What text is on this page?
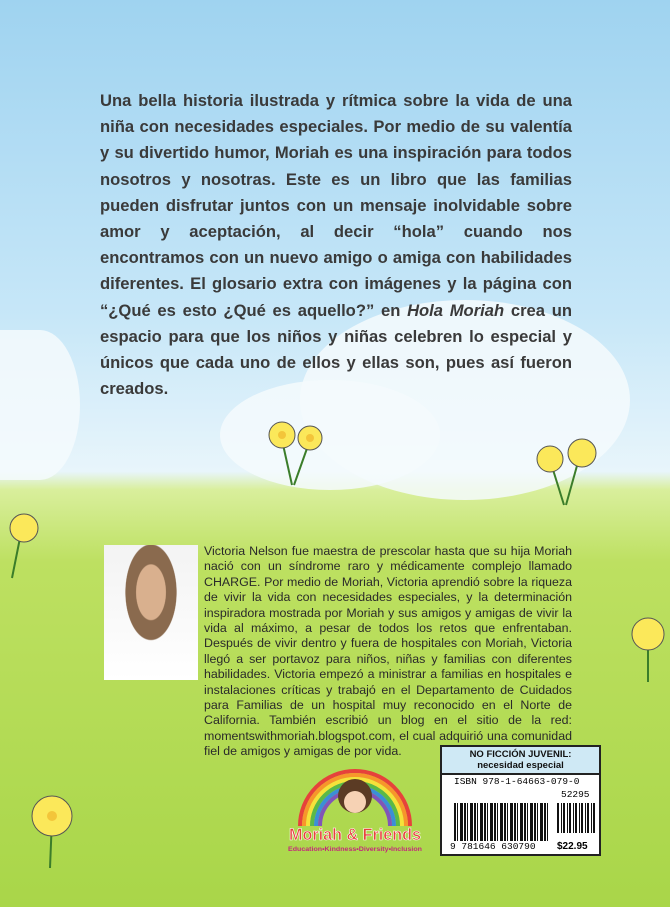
Una bella historia ilustrada y rítmica sobre la vida de una niña con necesidades especiales. Por medio de su valentía y su divertido humor, Moriah es una inspiración para todos nosotros y nosotras. Este es un libro que las familias pueden disfrutar juntos con un mensaje inolvidable sobre amor y aceptación, al decir “hola” cuando nos encontramos con un nuevo amigo o amiga con habilidades diferentes. El glosario extra con imágenes y la página con “¿Qué es esto ¿Qué es aquello?” en Hola Moriah crea un espacio para que los niños y niñas celebren lo especial y únicos que cada uno de ellos y ellas son, pues así fueron creados.
Victoria Nelson fue maestra de prescolar hasta que su hija Moriah nació con un síndrome raro y médicamente complejo llamado CHARGE. Por medio de Moriah, Victoria aprendió sobre la riqueza de vivir la vida con necesidades especiales, y la determinación inspiradora mostrada por Moriah y sus amigos y amigas de vivir la vida al máximo, a pesar de todos los retos que enfrentaban. Después de vivir dentro y fuera de hospitales con Moriah, Victoria llegó a ser portavoz para niños, niñas y familias con diferentes habilidades. Victoria empezó a ministrar a familias en hospitales e instalaciones críticas y trabajó en el Departamento de Cuidados para Familias de un hospital muy reconocido en el Norte de California. También escribió un blog en el sitio de la red: momentswithmoriah.blogspot.com, el cual adquirió una comunidad fiel de amigos y amigas de por vida.
Moriah & Friends
Education•Kindness•Diversity•Inclusion
NO FICCIÓN JUVENIL:
necesidad especial
ISBN 978-1-64663-079-0
52295
9 781646 630790 $22.95
